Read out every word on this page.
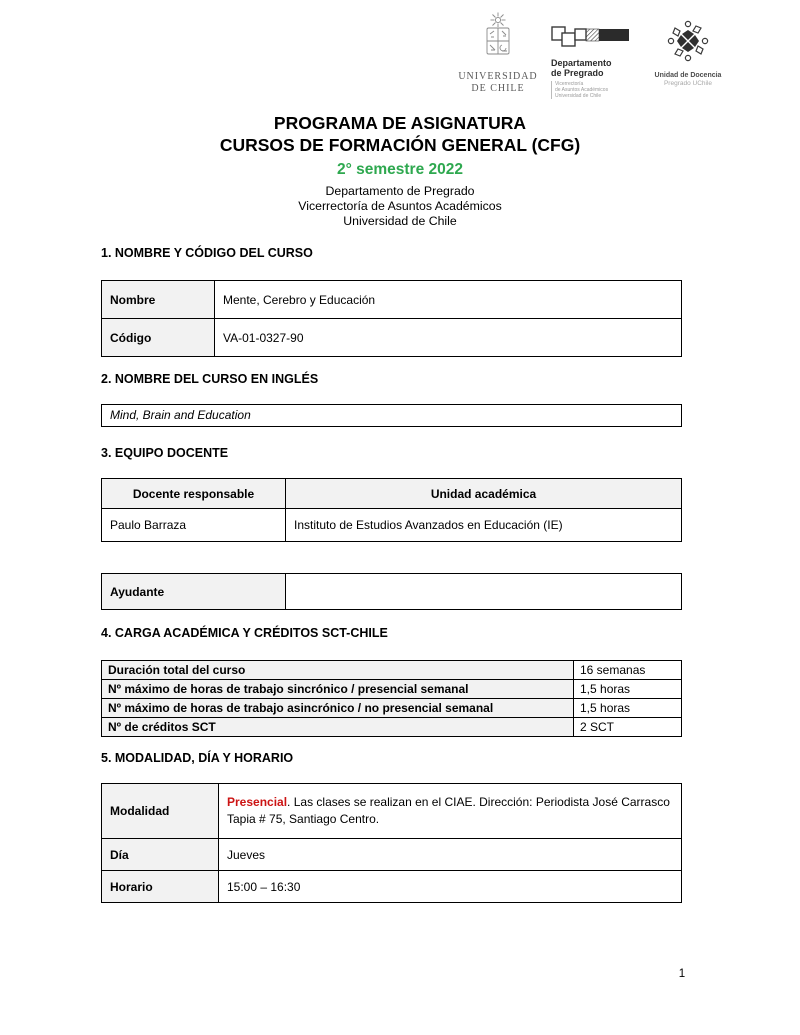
UNIVERSIDAD
DE CHILE
Departamento
de Pregrado
Vicerrectoría
de Asuntos Académicos
Universidad de Chile
Unidad de Docencia
Pregrado UChile
PROGRAMA DE ASIGNATURA
CURSOS DE FORMACIÓN GENERAL (CFG)
2° semestre 2022
Departamento de Pregrado
Vicerrectoría de Asuntos Académicos
Universidad de Chile
1. NOMBRE Y CÓDIGO DEL CURSO
Nombre	Mente, Cerebro y Educación
Código	VA-01-0327-90
2. NOMBRE DEL CURSO EN INGLÉS
Mind, Brain and Education
3. EQUIPO DOCENTE
Docente responsable	Unidad académica
Paulo Barraza	Instituto de Estudios Avanzados en Educación (IE)
Ayudante	
4. CARGA ACADÉMICA Y CRÉDITOS SCT-CHILE
Duración total del curso	16 semanas
Nº máximo de horas de trabajo sincrónico / presencial semanal	1,5 horas
Nº máximo de horas de trabajo asincrónico / no presencial semanal	1,5 horas
Nº de créditos SCT	2 SCT
5. MODALIDAD, DÍA Y HORARIO
Modalidad	Presencial. Las clases se realizan en el CIAE. Dirección: Periodista José Carrasco Tapia # 75, Santiago Centro.
Día	Jueves
Horario	15:00 – 16:30
1
